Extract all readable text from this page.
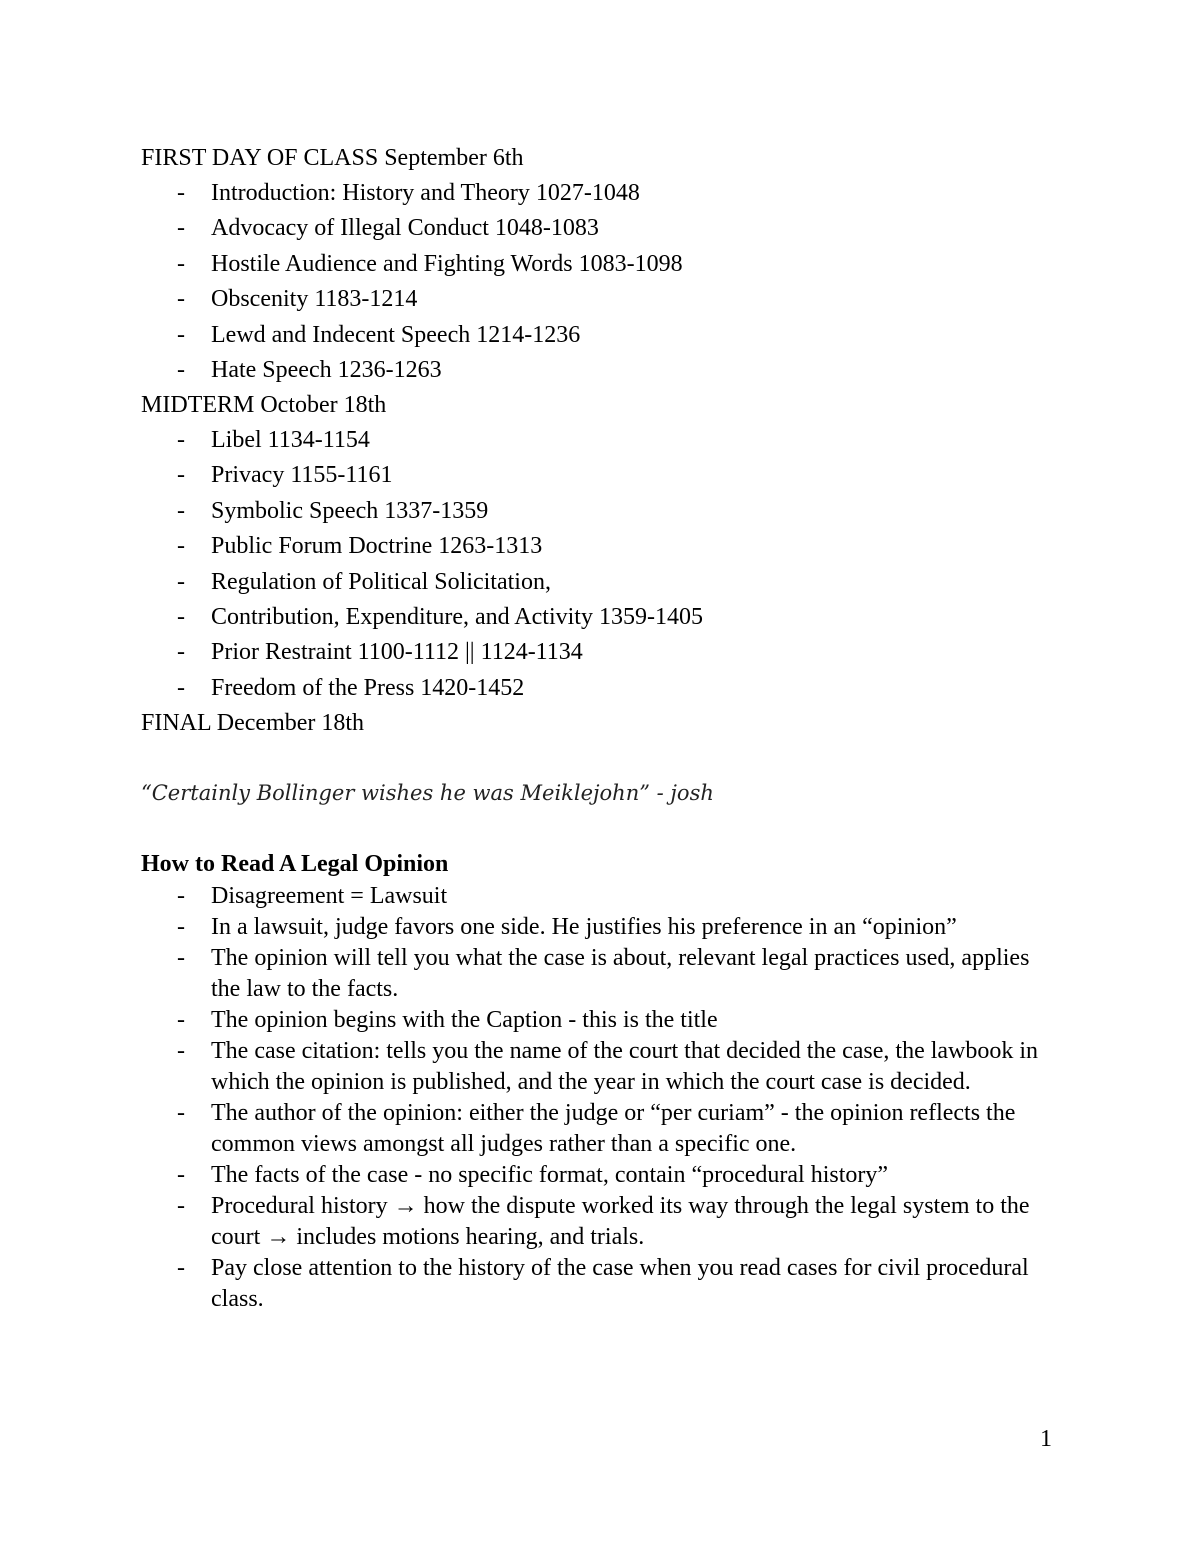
FIRST DAY OF CLASS September 6th
- Introduction: History and Theory 1027-1048
- Advocacy of Illegal Conduct 1048-1083
- Hostile Audience and Fighting Words 1083-1098
- Obscenity 1183-1214
- Lewd and Indecent Speech 1214-1236
- Hate Speech 1236-1263
MIDTERM October 18th
- Libel 1134-1154
- Privacy 1155-1161
- Symbolic Speech 1337-1359
- Public Forum Doctrine 1263-1313
- Regulation of Political Solicitation,
- Contribution, Expenditure, and Activity 1359-1405
- Prior Restraint 1100-1112 || 1124-1134
- Freedom of the Press 1420-1452
FINAL December 18th
“Certainly Bollinger wishes he was Meiklejohn” - josh
How to Read A Legal Opinion
- Disagreement = Lawsuit
- In a lawsuit, judge favors one side. He justifies his preference in an “opinion”
- The opinion will tell you what the case is about, relevant legal practices used, applies the law to the facts.
- The opinion begins with the Caption - this is the title
- The case citation: tells you the name of the court that decided the case, the lawbook in which the opinion is published, and the year in which the court case is decided.
- The author of the opinion: either the judge or “per curiam” - the opinion reflects the common views amongst all judges rather than a specific one.
- The facts of the case - no specific format, contain “procedural history”
- Procedural history → how the dispute worked its way through the legal system to the court → includes motions hearing, and trials.
- Pay close attention to the history of the case when you read cases for civil procedural class.
1
